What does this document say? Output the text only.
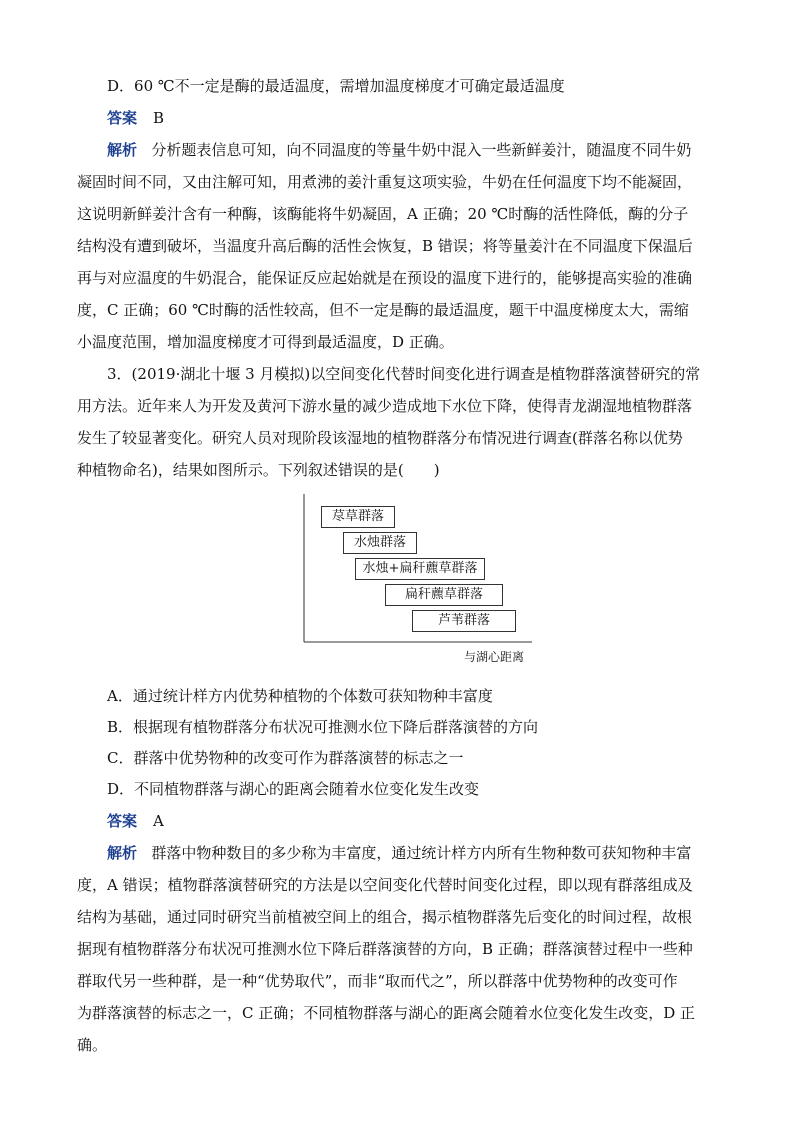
D．60 ℃不一定是酶的最适温度，需增加温度梯度才可确定最适温度
答案 B
解析 分析题表信息可知，向不同温度的等量牛奶中混入一些新鲜姜汁，随温度不同牛奶
凝固时间不同，又由注解可知，用煮沸的姜汁重复这项实验，牛奶在任何温度下均不能凝固，
这说明新鲜姜汁含有一种酶，该酶能将牛奶凝固，A 正确；20 ℃时酶的活性降低，酶的分子
结构没有遭到破坏，当温度升高后酶的活性会恢复，B 错误；将等量姜汁在不同温度下保温后
再与对应温度的牛奶混合，能保证反应起始就是在预设的温度下进行的，能够提高实验的准确
度，C 正确；60 ℃时酶的活性较高，但不一定是酶的最适温度，题干中温度梯度太大，需缩
小温度范围，增加温度梯度才可得到最适温度，D 正确。
3．(2019·湖北十堰 3 月模拟)以空间变化代替时间变化进行调查是植物群落演替研究的常
用方法。近年来人为开发及黄河下游水量的减少造成地下水位下降，使得青龙湖湿地植物群落
发生了较显著变化。研究人员对现阶段该湿地的植物群落分布情况进行调查(群落名称以优势
种植物命名)，结果如图所示。下列叙述错误的是(　　)
荩草群落
水烛群落
水烛+扁秆藨草群落
扁秆藨草群落
芦苇群落
与湖心距离
A．通过统计样方内优势种植物的个体数可获知物种丰富度
B．根据现有植物群落分布状况可推测水位下降后群落演替的方向
C．群落中优势物种的改变可作为群落演替的标志之一
D．不同植物群落与湖心的距离会随着水位变化发生改变
答案 A
解析 群落中物种数目的多少称为丰富度，通过统计样方内所有生物种数可获知物种丰富
度，A 错误；植物群落演替研究的方法是以空间变化代替时间变化过程，即以现有群落组成及
结构为基础，通过同时研究当前植被空间上的组合，揭示植物群落先后变化的时间过程，故根
据现有植物群落分布状况可推测水位下降后群落演替的方向，B 正确；群落演替过程中一些种
群取代另一些种群，是一种“优势取代”，而非“取而代之”，所以群落中优势物种的改变可作
为群落演替的标志之一，C 正确；不同植物群落与湖心的距离会随着水位变化发生改变，D 正
确。
